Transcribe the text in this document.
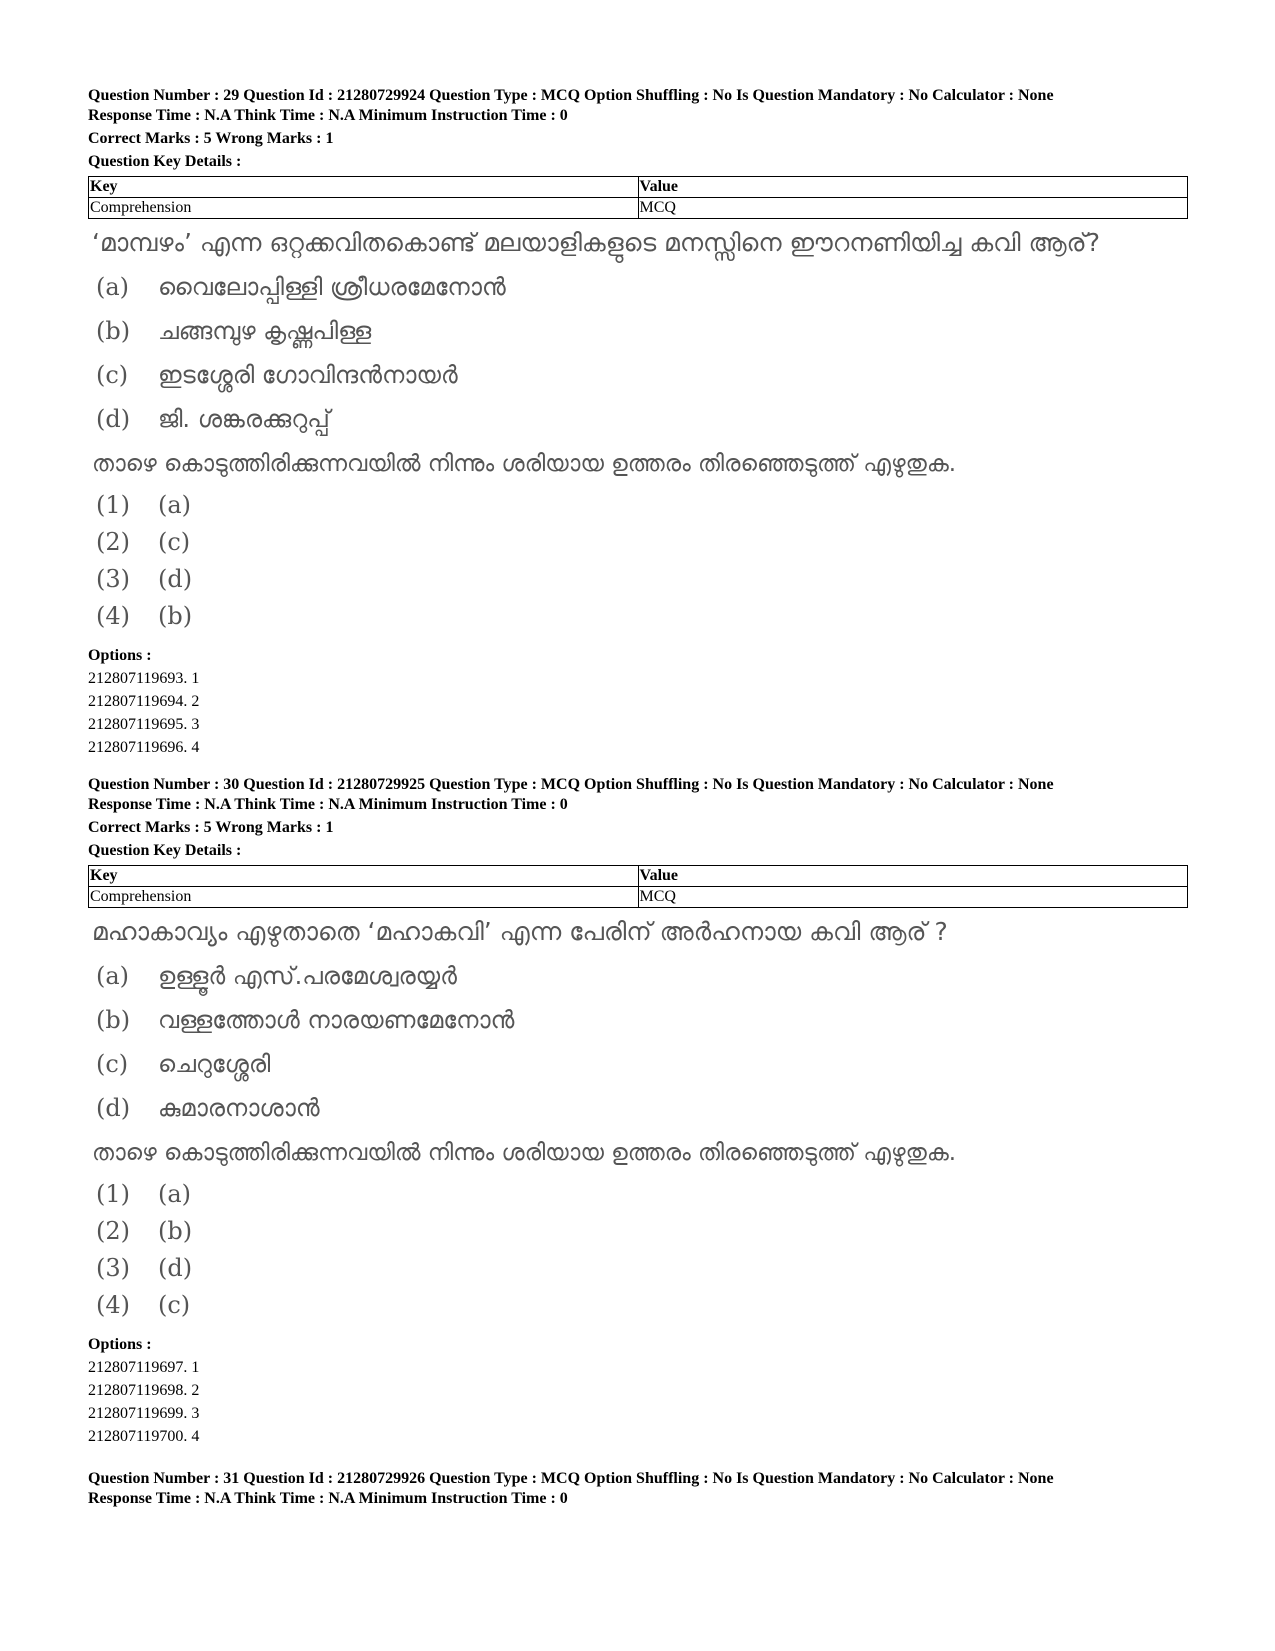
Question Number : 29 Question Id : 21280729924 Question Type : MCQ Option Shuffling : No Is Question Mandatory : No Calculator : None

Response Time : N.A Think Time : N.A Minimum Instruction Time : 0

Correct Marks : 5 Wrong Marks : 1

Question Key Details :

Key	Value
Comprehension	MCQ
‘മാമ്പഴം’ എന്ന ഒറ്റക്കവിതകൊണ്ട് മലയാളികളുടെ മനസ്സിനെ ഈറനണിയിച്ച കവി ആര്?
(a) വൈലോപ്പിള്ളി ശ്രീധരമേനോൻ
(b) ചങ്ങമ്പുഴ കൃഷ്ണപിള്ള
(c) ഇടശ്ശേരി ഗോവിന്ദൻനായർ
(d) ജി. ശങ്കരക്കുറുപ്പ്
താഴെ കൊടുത്തിരിക്കുന്നവയിൽ നിന്നും ശരിയായ ഉത്തരം തിരഞ്ഞെടുത്ത് എഴുതുക.
(1) (a)
(2) (c)
(3) (d)
(4) (b)
Options :
212807119693. 1
212807119694. 2
212807119695. 3
212807119696. 4

Question Number : 30 Question Id : 21280729925 Question Type : MCQ Option Shuffling : No Is Question Mandatory : No Calculator : None

Response Time : N.A Think Time : N.A Minimum Instruction Time : 0

Correct Marks : 5 Wrong Marks : 1

Question Key Details :

Key	Value
Comprehension	MCQ
മഹാകാവ്യം എഴുതാതെ ‘മഹാകവി’ എന്ന പേരിന് അർഹനായ കവി ആര് ?
(a) ഉള്ളൂർ എസ്.പരമേശ്വരയ്യർ
(b) വള്ളത്തോൾ നാരയണമേനോൻ
(c) ചെറുശ്ശേരി
(d) കുമാരനാശാൻ
താഴെ കൊടുത്തിരിക്കുന്നവയിൽ നിന്നും ശരിയായ ഉത്തരം തിരഞ്ഞെടുത്ത് എഴുതുക.
(1) (a)
(2) (b)
(3) (d)
(4) (c)
Options :
212807119697. 1
212807119698. 2
212807119699. 3
212807119700. 4

Question Number : 31 Question Id : 21280729926 Question Type : MCQ Option Shuffling : No Is Question Mandatory : No Calculator : None

Response Time : N.A Think Time : N.A Minimum Instruction Time : 0
